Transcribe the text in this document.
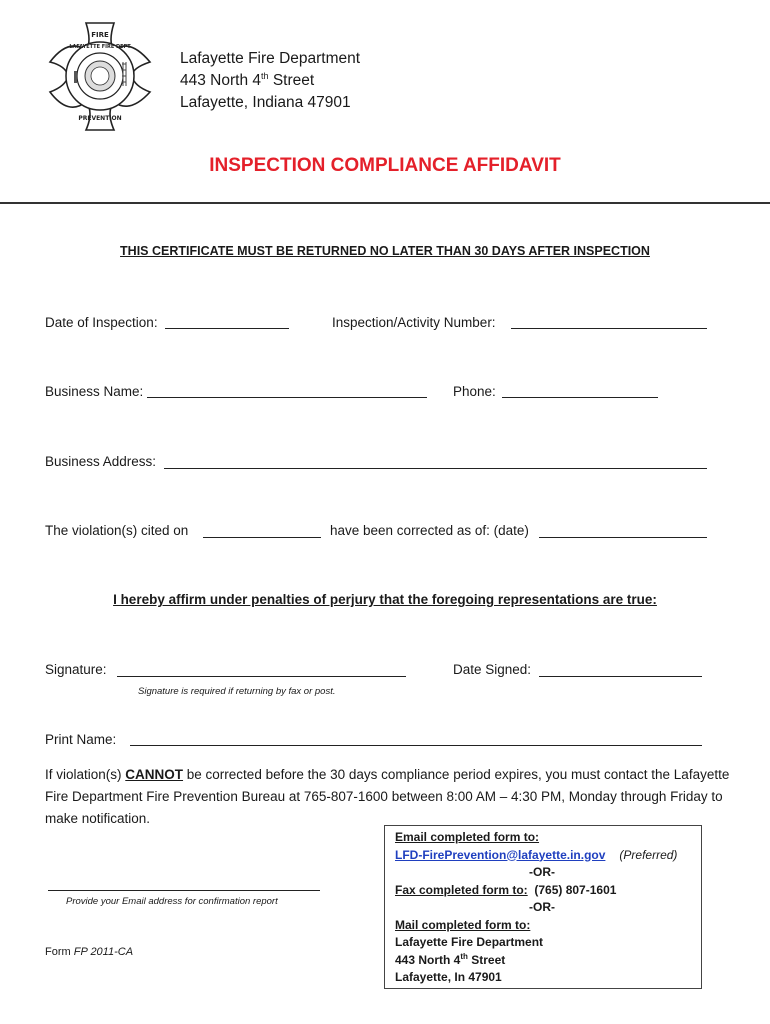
FIRE
LAFAYETTE FIRE DEPT
PREVENTION
Lafayette Fire Department
443 North 4th Street
Lafayette, Indiana 47901
INSPECTION COMPLIANCE AFFIDAVIT
THIS CERTIFICATE MUST BE RETURNED NO LATER THAN 30 DAYS AFTER INSPECTION
Date of Inspection:	Inspection/Activity Number:
Business Name:	Phone:
Business Address:
The violation(s) cited on	have been corrected as of: (date)
I hereby affirm under penalties of perjury that the foregoing representations are true:
Signature:	Date Signed:
Signature is required if returning by fax or post.
Print Name:
If violation(s) CANNOT be corrected before the 30 days compliance period expires, you must contact the Lafayette Fire Department Fire Prevention Bureau at 765-807-1600 between 8:00 AM – 4:30 PM, Monday through Friday to make notification.
Provide your Email address for confirmation report
Email completed form to:
LFD-FirePrevention@lafayette.in.gov (Preferred)
-OR-
Fax completed form to: (765) 807-1601
-OR-
Mail completed form to:
Lafayette Fire Department
443 North 4th Street
Lafayette, In 47901
Form FP 2011-CA
